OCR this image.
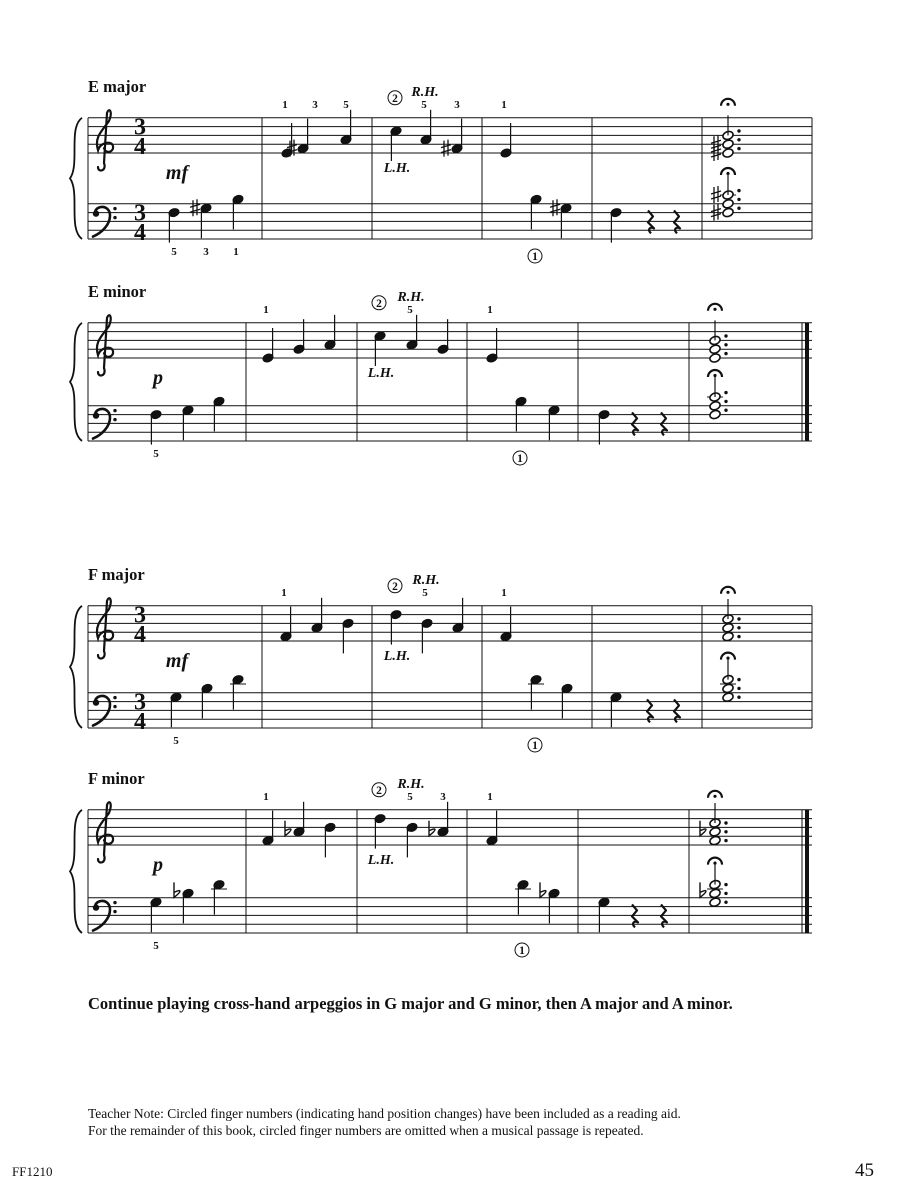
E major
3
4
3
4
mf
5 3 1
1 3 5	5	3	1
2 R.H.
L.H.
1
E minor
p
5
1	5	1
2 R.H.
L.H.
1
F major
3
4
3
4
mf
5
1	5	1
2 R.H.
L.H.
1
F minor
p
5
1	5	3	1
2 R.H.
L.H.
1
Continue playing cross-hand arpeggios in G major and G minor, then A major and A minor.
Teacher Note: Circled finger numbers (indicating hand position changes) have been included as a reading aid.
For the remainder of this book, circled finger numbers are omitted when a musical passage is repeated.
FF1210	45
